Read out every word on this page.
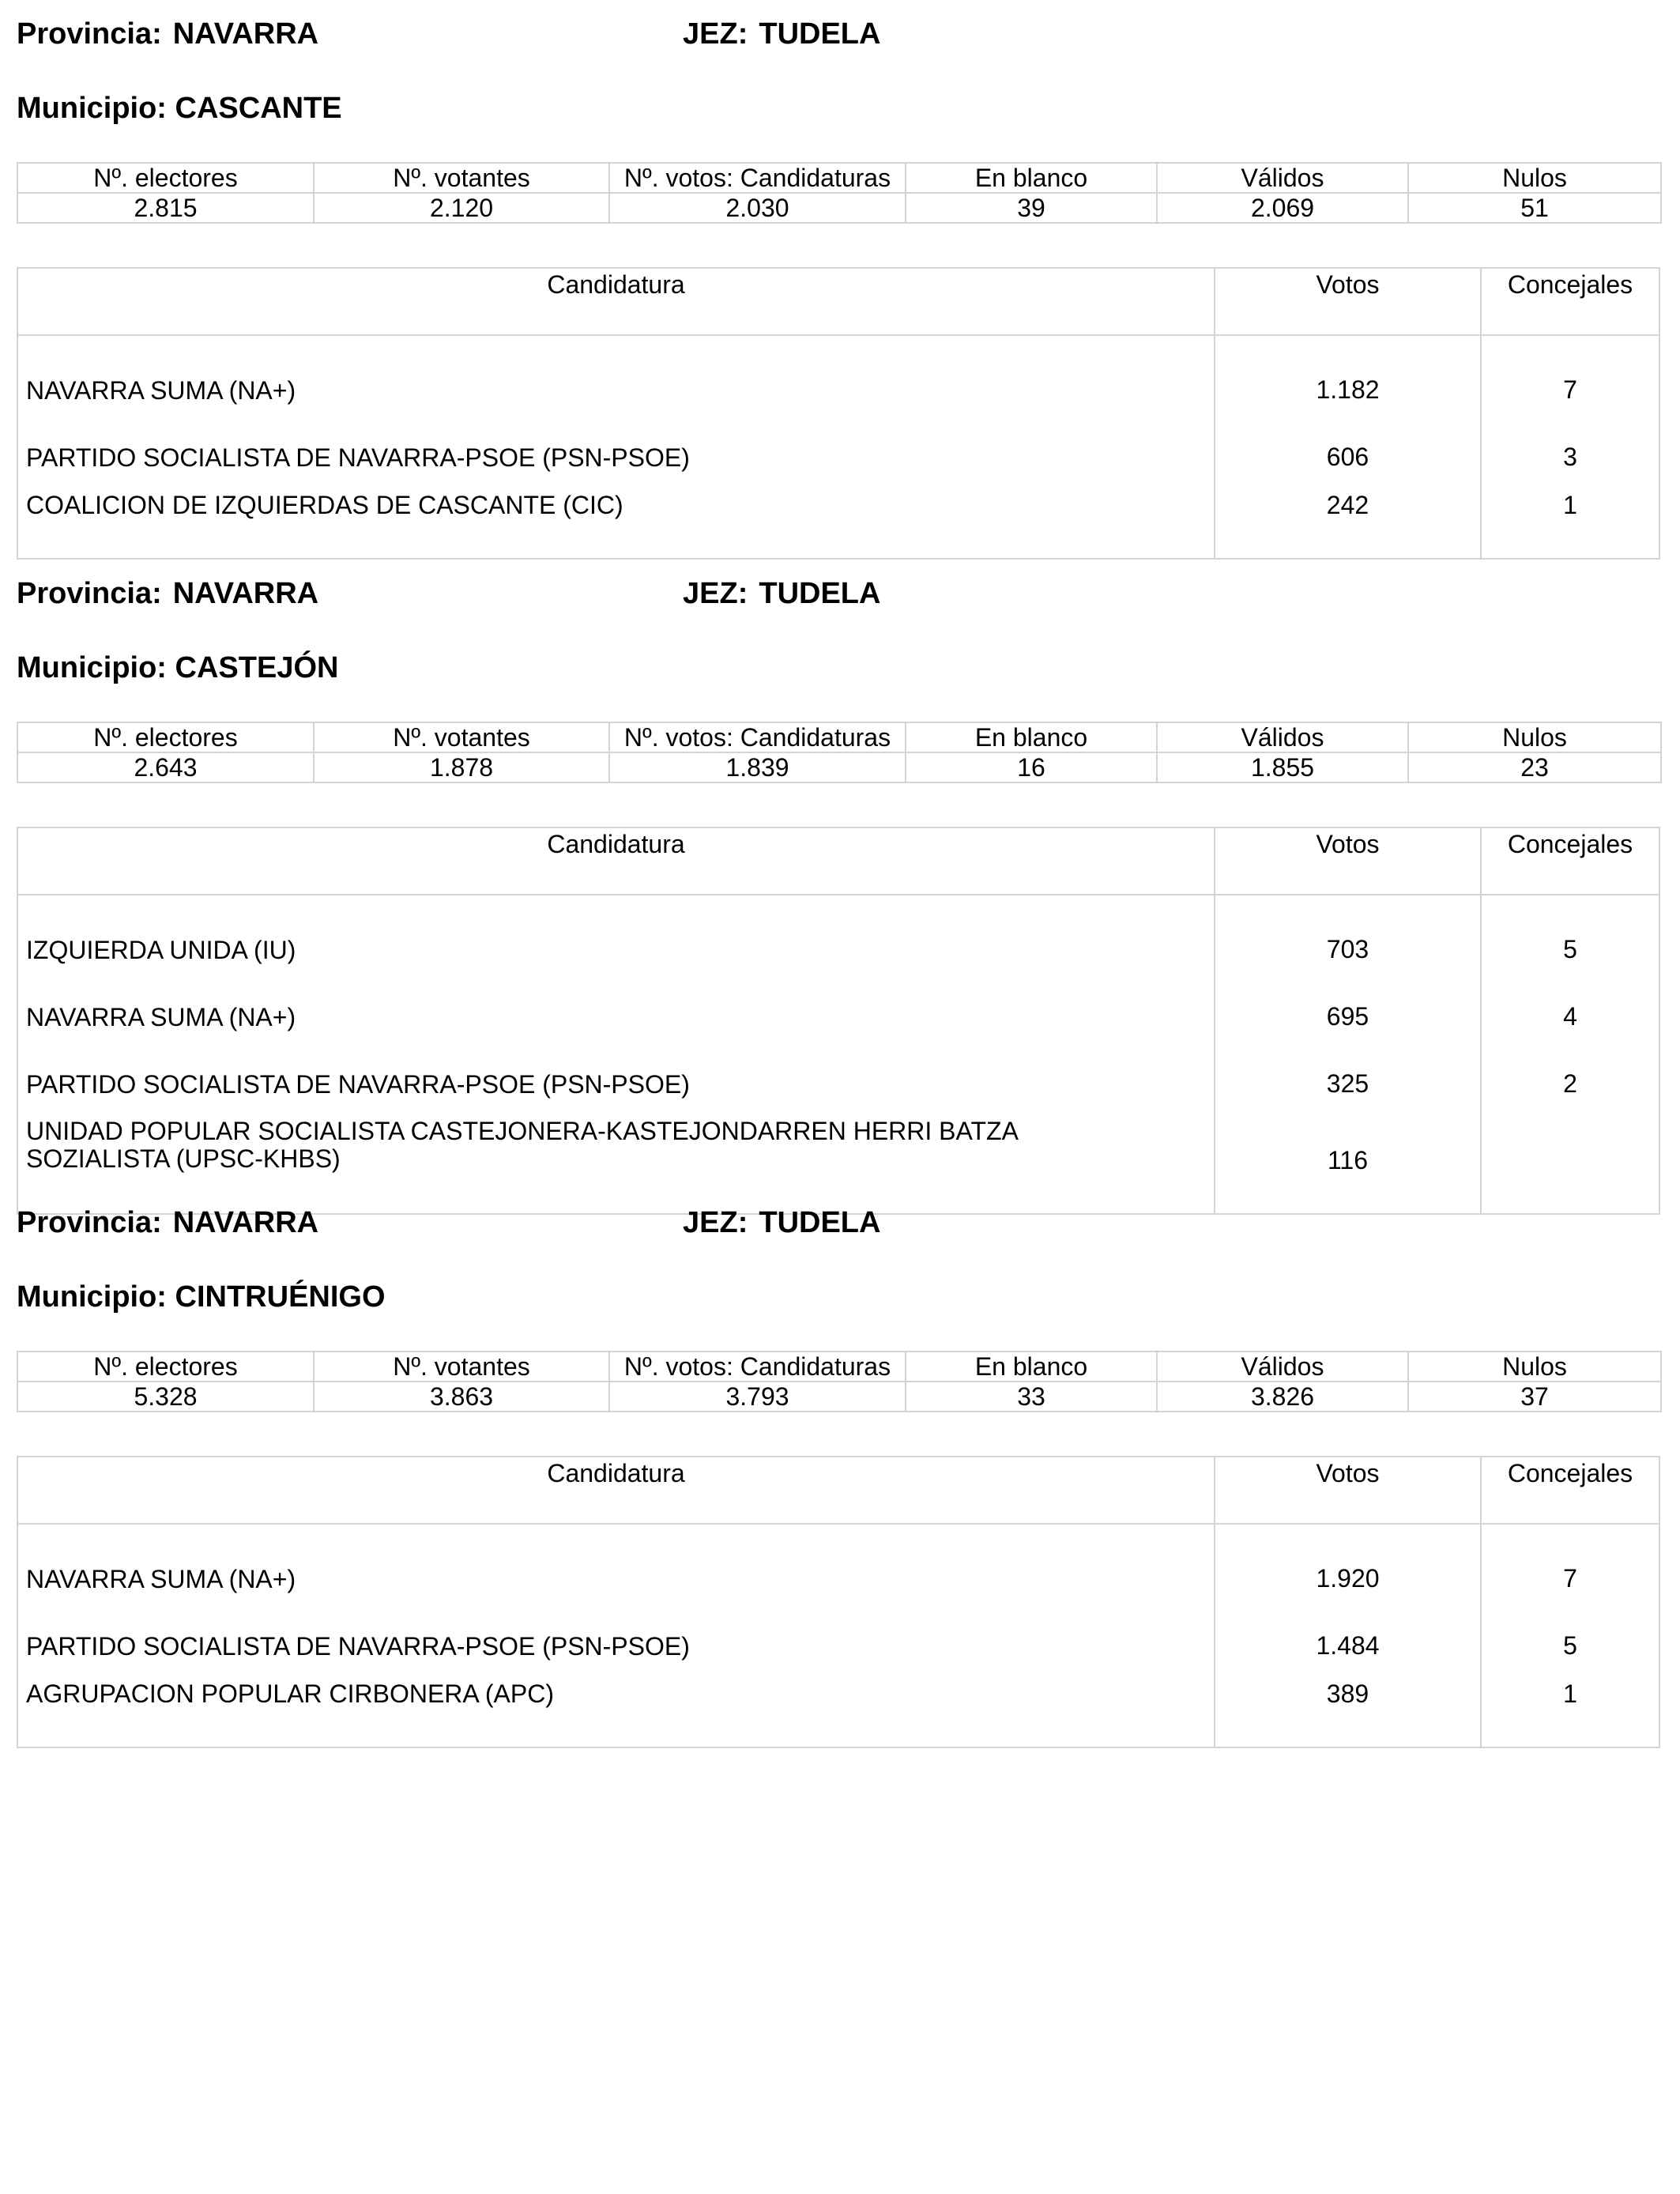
Provincia: NAVARRA	JEZ: TUDELA
Municipio: CASCANTE
Nº. electores	Nº. votantes	Nº. votos: Candidaturas	En blanco	Válidos	Nulos
2.815	2.120	2.030	39	2.069	51
Candidatura	Votos	Concejales
NAVARRA SUMA (NA+)	1.182	7
PARTIDO SOCIALISTA DE NAVARRA-PSOE (PSN-PSOE)	606	3
COALICION DE IZQUIERDAS DE CASCANTE (CIC)	242	1
Provincia: NAVARRA	JEZ: TUDELA
Municipio: CASTEJÓN
Nº. electores	Nº. votantes	Nº. votos: Candidaturas	En blanco	Válidos	Nulos
2.643	1.878	1.839	16	1.855	23
Candidatura	Votos	Concejales
IZQUIERDA UNIDA (IU)	703	5
NAVARRA SUMA (NA+)	695	4
PARTIDO SOCIALISTA DE NAVARRA-PSOE (PSN-PSOE)	325	2

UNIDAD POPULAR SOCIALISTA CASTEJONERA-KASTEJONDARREN HERRI BATZA
SOZIALISTA (UPSC-KHBS)	116	
Provincia: NAVARRA	JEZ: TUDELA
Municipio: CINTRUÉNIGO
Nº. electores	Nº. votantes	Nº. votos: Candidaturas	En blanco	Válidos	Nulos
5.328	3.863	3.793	33	3.826	37
Candidatura	Votos	Concejales
NAVARRA SUMA (NA+)	1.920	7
PARTIDO SOCIALISTA DE NAVARRA-PSOE (PSN-PSOE)	1.484	5
AGRUPACION POPULAR CIRBONERA (APC)	389	1
